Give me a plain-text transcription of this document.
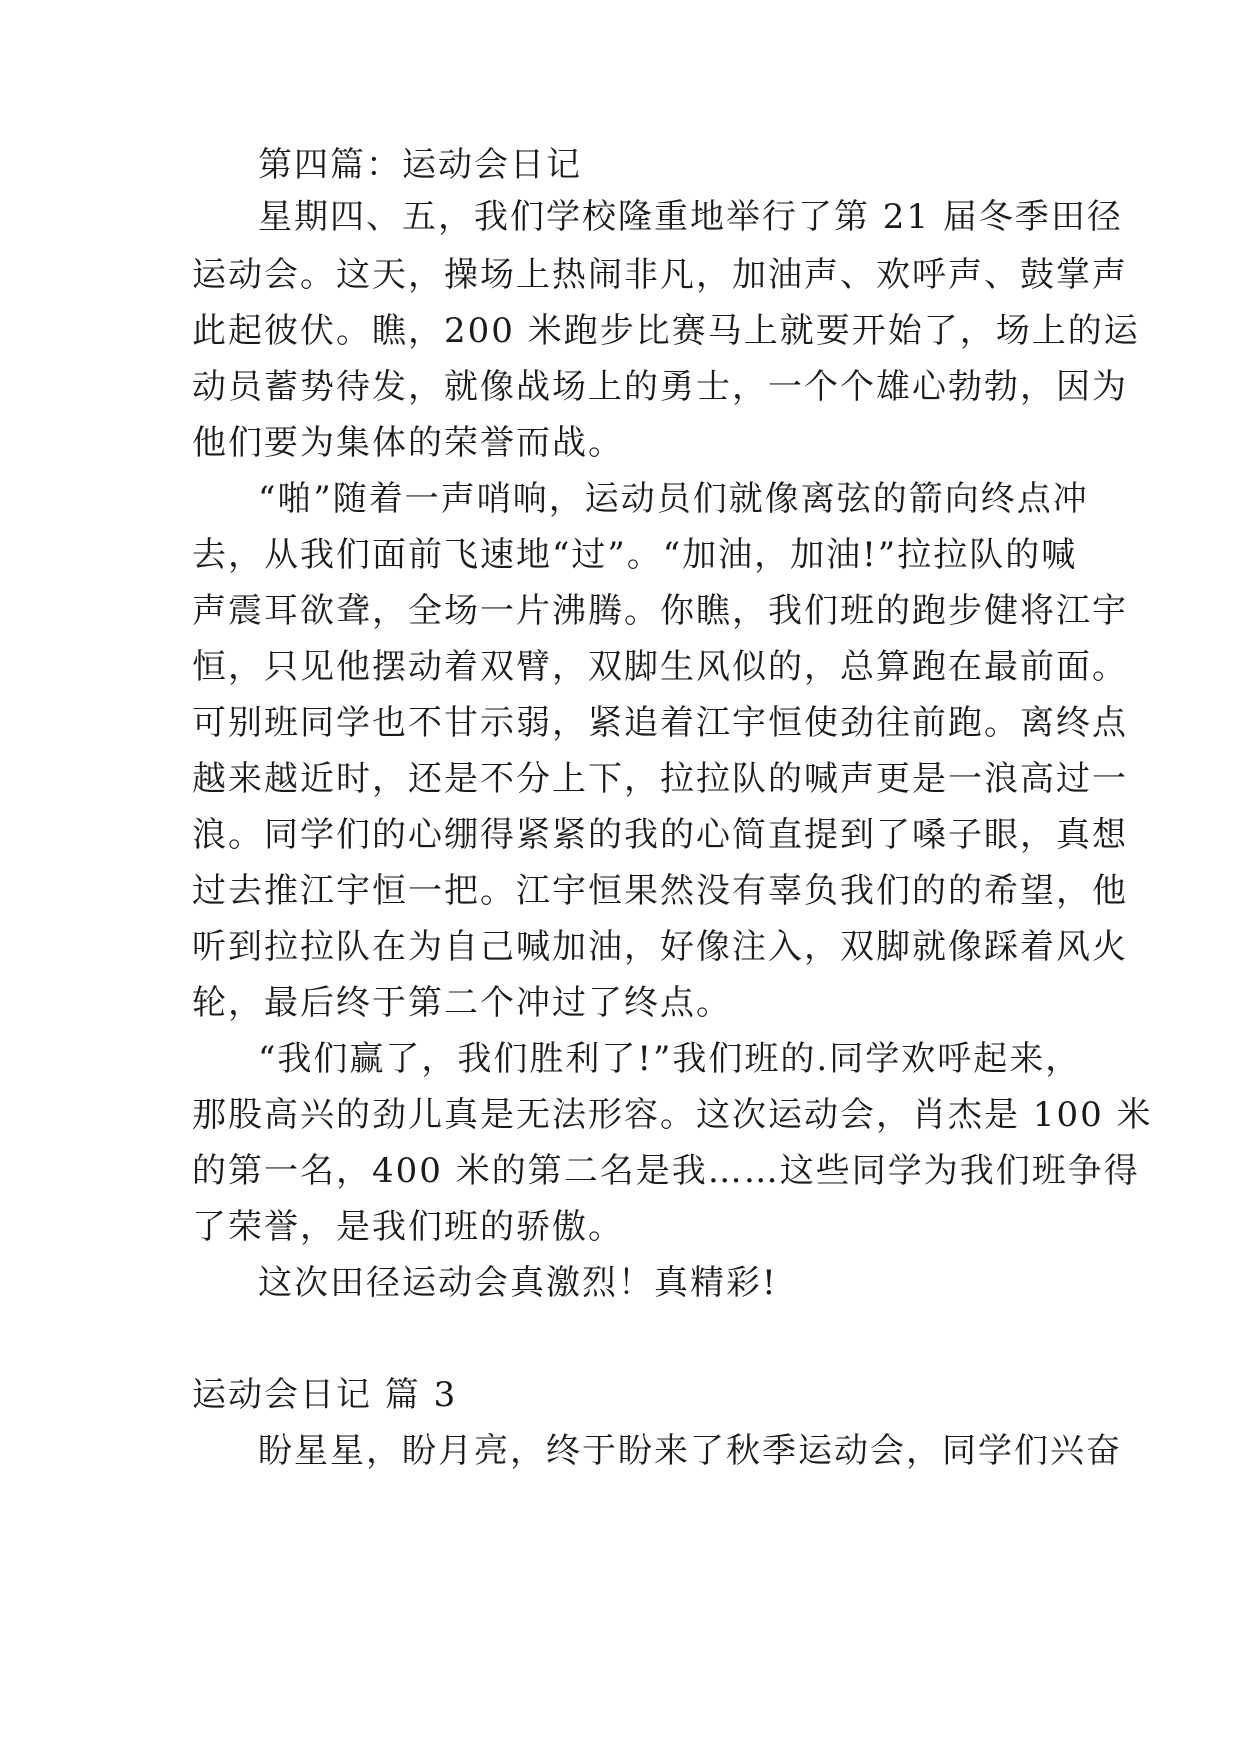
第四篇：运动会日记

星期四、五，我们学校隆重地举行了第 21 届冬季田径

运动会。这天，操场上热闹非凡，加油声、欢呼声、鼓掌声

此起彼伏。瞧，200 米跑步比赛马上就要开始了，场上的运

动员蓄势待发，就像战场上的勇士，一个个雄心勃勃，因为

他们要为集体的荣誉而战。

“啪”随着一声哨响，运动员们就像离弦的箭向终点冲

去，从我们面前飞速地“过”。“加油，加油!”拉拉队的喊

声震耳欲聋，全场一片沸腾。你瞧，我们班的跑步健将江宇

恒，只见他摆动着双臂，双脚生风似的，总算跑在最前面。

可别班同学也不甘示弱，紧追着江宇恒使劲往前跑。离终点

越来越近时，还是不分上下，拉拉队的喊声更是一浪高过一

浪。同学们的心绷得紧紧的我的心简直提到了嗓子眼，真想

过去推江宇恒一把。江宇恒果然没有辜负我们的的希望，他

听到拉拉队在为自己喊加油，好像注入，双脚就像踩着风火

轮，最后终于第二个冲过了终点。

“我们赢了，我们胜利了!”我们班的.同学欢呼起来，

那股高兴的劲儿真是无法形容。这次运动会，肖杰是 100 米

的第一名，400 米的第二名是我……这些同学为我们班争得

了荣誉，是我们班的骄傲。

这次田径运动会真激烈！真精彩!

运动会日记 篇 3

盼星星，盼月亮，终于盼来了秋季运动会，同学们兴奋
